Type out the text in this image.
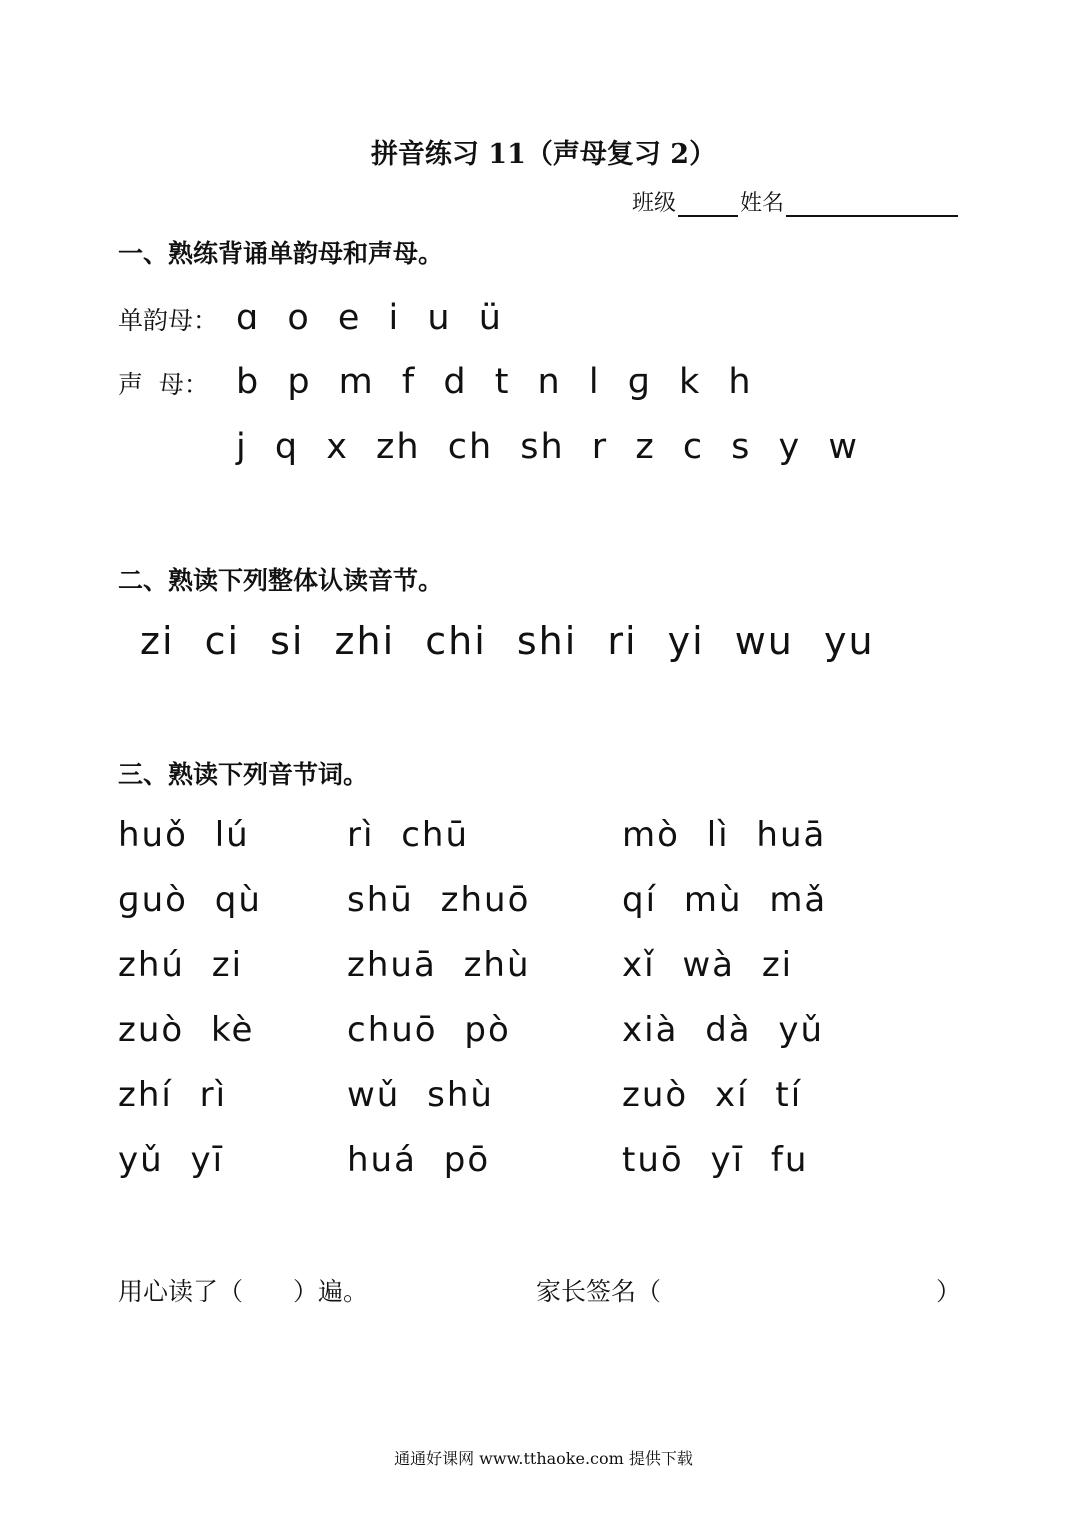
拼音练习 11（声母复习 2）
班级	姓名
一、熟练背诵单韵母和声母。
单韵母： ɑ o e i u ü
声  母： b p m f d t n l ɡ k h
j q x zh ch sh r z c s y w
二、熟读下列整体认读音节。
zi ci si zhi chi shi ri yi wu yu
三、熟读下列音节词。
huǒ lú	rì chū	mò lì huā
ɡuò qù	shū zhuō	qí mù mǎ
zhú zi	zhuā zhù	xǐ wà zi
zuò kè	chuō pò	xià dà yǔ
zhí rì	wǔ shù	zuò xí tí
yǔ yī	huá pō	tuō yī fu
用心读了（　　）遍。	家长签名（　　　　　　　　　　　）
通通好课网 www.tthaoke.com 提供下载
